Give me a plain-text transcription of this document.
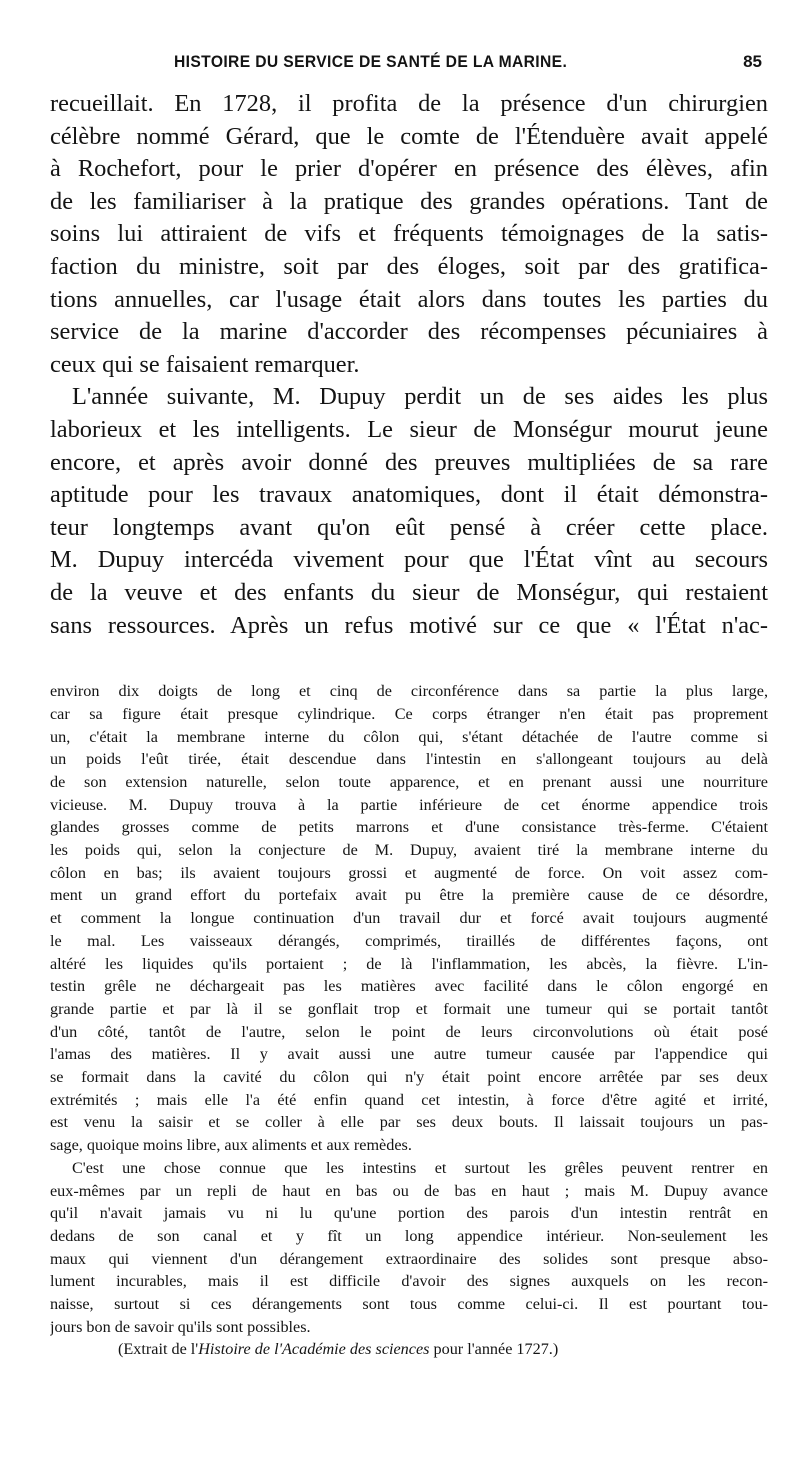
HISTOIRE DU SERVICE DE SANTÉ DE LA MARINE.	85
recueillait. En 1728, il profita de la présence d'un chirurgien
célèbre nommé Gérard, que le comte de l'Étenduère avait appelé
à Rochefort, pour le prier d'opérer en présence des élèves, afin
de les familiariser à la pratique des grandes opérations. Tant de
soins lui attiraient de vifs et fréquents témoignages de la satis-
faction du ministre, soit par des éloges, soit par des gratifica-
tions annuelles, car l'usage était alors dans toutes les parties du
service de la marine d'accorder des récompenses pécuniaires à
ceux qui se faisaient remarquer.
L'année suivante, M. Dupuy perdit un de ses aides les plus
laborieux et les intelligents. Le sieur de Monségur mourut jeune
encore, et après avoir donné des preuves multipliées de sa rare
aptitude pour les travaux anatomiques, dont il était démonstra-
teur longtemps avant qu'on eût pensé à créer cette place.
M. Dupuy intercéda vivement pour que l'État vînt au secours
de la veuve et des enfants du sieur de Monségur, qui restaient
sans ressources. Après un refus motivé sur ce que « l'État n'ac-
environ dix doigts de long et cinq de circonférence dans sa partie la plus large,
car sa figure était presque cylindrique. Ce corps étranger n'en était pas proprement
un, c'était la membrane interne du côlon qui, s'étant détachée de l'autre comme si
un poids l'eût tirée, était descendue dans l'intestin en s'allongeant toujours au delà
de son extension naturelle, selon toute apparence, et en prenant aussi une nourriture
vicieuse. M. Dupuy trouva à la partie inférieure de cet énorme appendice trois
glandes grosses comme de petits marrons et d'une consistance très-ferme. C'étaient
les poids qui, selon la conjecture de M. Dupuy, avaient tiré la membrane interne du
côlon en bas; ils avaient toujours grossi et augmenté de force. On voit assez com-
ment un grand effort du portefaix avait pu être la première cause de ce désordre,
et comment la longue continuation d'un travail dur et forcé avait toujours augmenté
le mal. Les vaisseaux dérangés, comprimés, tiraillés de différentes façons, ont
altéré les liquides qu'ils portaient ; de là l'inflammation, les abcès, la fièvre. L'in-
testin grêle ne déchargeait pas les matières avec facilité dans le côlon engorgé en
grande partie et par là il se gonflait trop et formait une tumeur qui se portait tantôt
d'un côté, tantôt de l'autre, selon le point de leurs circonvolutions où était posé
l'amas des matières. Il y avait aussi une autre tumeur causée par l'appendice qui
se formait dans la cavité du côlon qui n'y était point encore arrêtée par ses deux
extrémités ; mais elle l'a été enfin quand cet intestin, à force d'être agité et irrité,
est venu la saisir et se coller à elle par ses deux bouts. Il laissait toujours un pas-
sage, quoique moins libre, aux aliments et aux remèdes.
C'est une chose connue que les intestins et surtout les grêles peuvent rentrer en
eux-mêmes par un repli de haut en bas ou de bas en haut ; mais M. Dupuy avance
qu'il n'avait jamais vu ni lu qu'une portion des parois d'un intestin rentrât en
dedans de son canal et y fît un long appendice intérieur. Non-seulement les
maux qui viennent d'un dérangement extraordinaire des solides sont presque abso-
lument incurables, mais il est difficile d'avoir des signes auxquels on les recon-
naisse, surtout si ces dérangements sont tous comme celui-ci. Il est pourtant tou-
jours bon de savoir qu'ils sont possibles.
(Extrait de l'Histoire de l'Académie des sciences pour l'année 1727.)
